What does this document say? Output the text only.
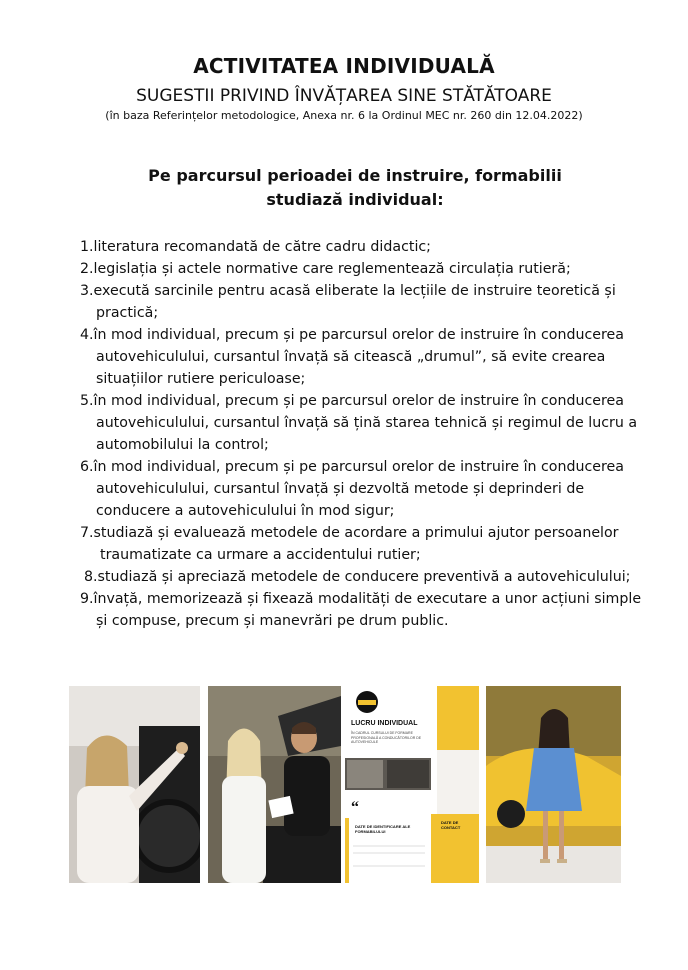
ACTIVITATEA INDIVIDUALĂ
SUGESTII PRIVIND ÎNVĂȚAREA SINE STĂTĂTOARE
(în baza Referințelor metodologice, Anexa nr. 6 la Ordinul MEC nr. 260 din 12.04.2022)
Pe parcursul perioadei de instruire, formabilii
studiază individual:
1.literatura recomandată de către cadru didactic;
2.legislația și actele normative care reglementează circulația rutieră;
3.execută sarcinile pentru acasă eliberate la lecțiile de instruire teoretică și practică;
4.în mod individual, precum și pe parcursul orelor de instruire în conducerea autovehiculului, cursantul învață să citească „drumul”, să evite crearea situațiilor rutiere periculoase;
5.în mod individual, precum și pe parcursul orelor de instruire în conducerea autovehiculului, cursantul învață să țină starea tehnică și regimul de lucru a automobilului la control;
6.în mod individual, precum și pe parcursul orelor de instruire în conducerea autovehiculului, cursantul învață și dezvoltă metode și deprinderi de conducere a autovehiculului în mod sigur;
7.studiază și evaluează metodele de acordare a primului ajutor persoanelor traumatizate ca urmare a accidentului rutier;
8.studiază și apreciază metodele de conducere preventivă a autovehiculului;
9.învață, memorizează și fixează modalități de executare a unor acțiuni simple și compuse, precum și manevrări pe drum public.
“
LUCRU INDIVIDUAL
ÎN CADRUL CURSULUI DE FORMARE PROFESIONALĂ A CONDUCĂTORILOR DE AUTOVEHICULE
DATE DE IDENTIFICARE ALE FORMABILULUI
DATE DE CONTACT
